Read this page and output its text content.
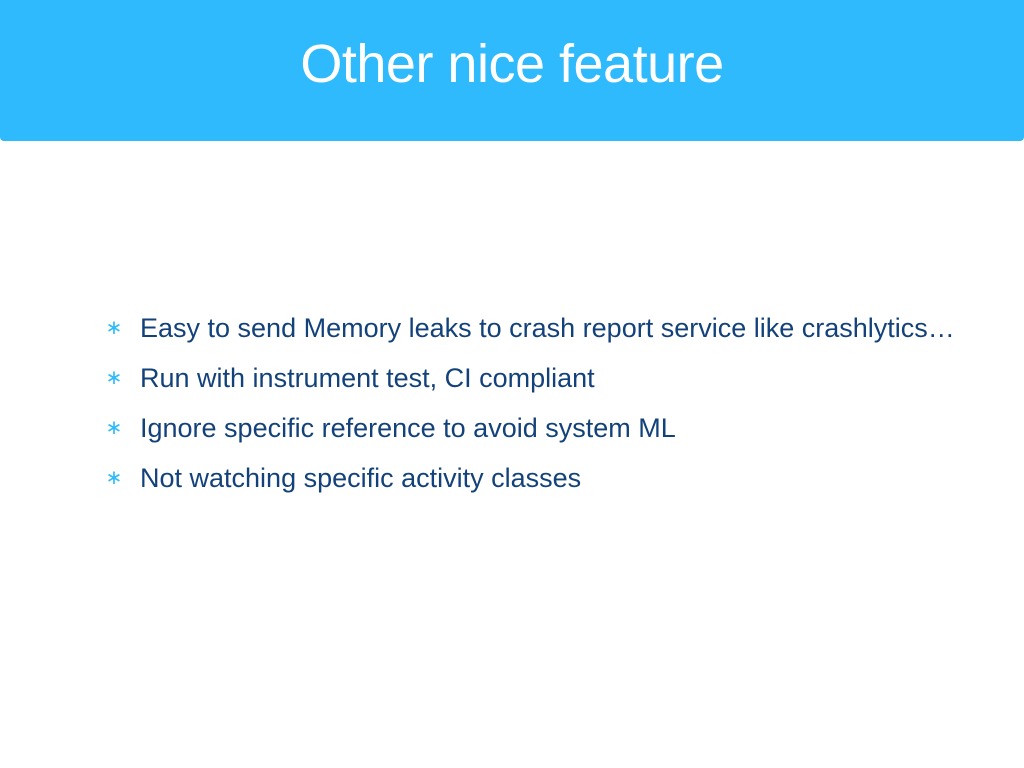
Other nice feature
∗ Easy to send Memory leaks to crash report service like crashlytics…
∗ Run with instrument test, CI compliant
∗ Ignore specific reference to avoid system ML
∗ Not watching specific activity classes
